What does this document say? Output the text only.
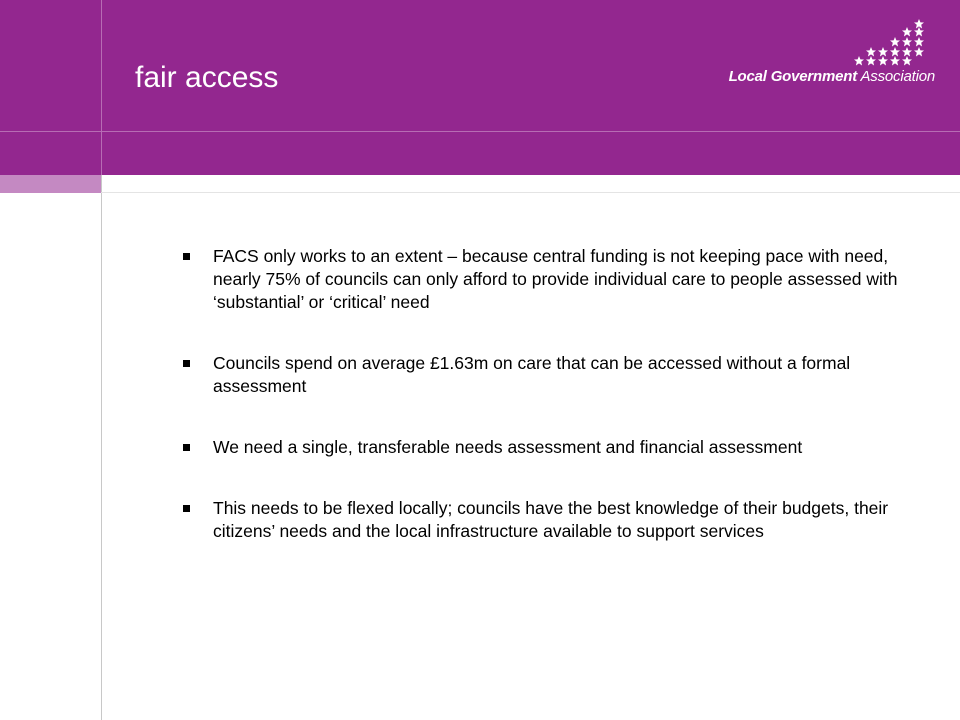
fair access	Local Government Association
FACS only works to an extent – because central funding is not keeping pace with need, nearly 75% of councils can only afford to provide individual care to people assessed with ‘substantial’ or ‘critical’ need
Councils spend on average £1.63m on care that can be accessed without a formal assessment
We need a single, transferable needs assessment and financial assessment
This needs to be flexed locally; councils have the best knowledge of their budgets, their citizens’ needs and the local infrastructure available to support services
